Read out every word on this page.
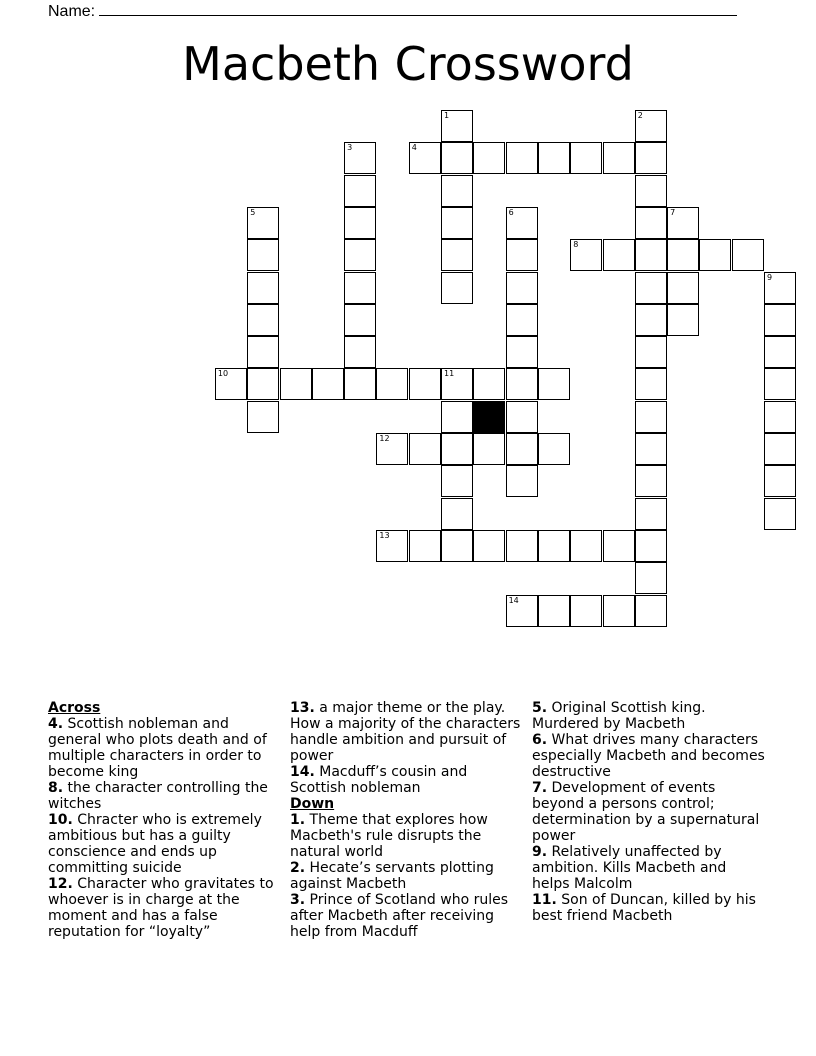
Name:
Macbeth Crossword
1	2
3	4
5	6	7
8
9
10	11
12
13
14
Across
4. Scottish nobleman and general who plots death and of multiple characters in order to become king
8. the character controlling the witches
10. Chracter who is extremely ambitious but has a guilty conscience and ends up committing suicide
12. Character who gravitates to whoever is in charge at the moment and has a false reputation for “loyalty”
13. a major theme or the play. How a majority of the characters handle ambition and pursuit of power
14. Macduff’s cousin and Scottish nobleman
Down
1. Theme that explores how Macbeth's rule disrupts the natural world
2. Hecate’s servants plotting against Macbeth
3. Prince of Scotland who rules after Macbeth after receiving help from Macduff
5. Original Scottish king. Murdered by Macbeth
6. What drives many characters especially Macbeth and becomes destructive
7. Development of events beyond a persons control; determination by a supernatural power
9. Relatively unaffected by ambition. Kills Macbeth and helps Malcolm
11. Son of Duncan, killed by his best friend Macbeth
